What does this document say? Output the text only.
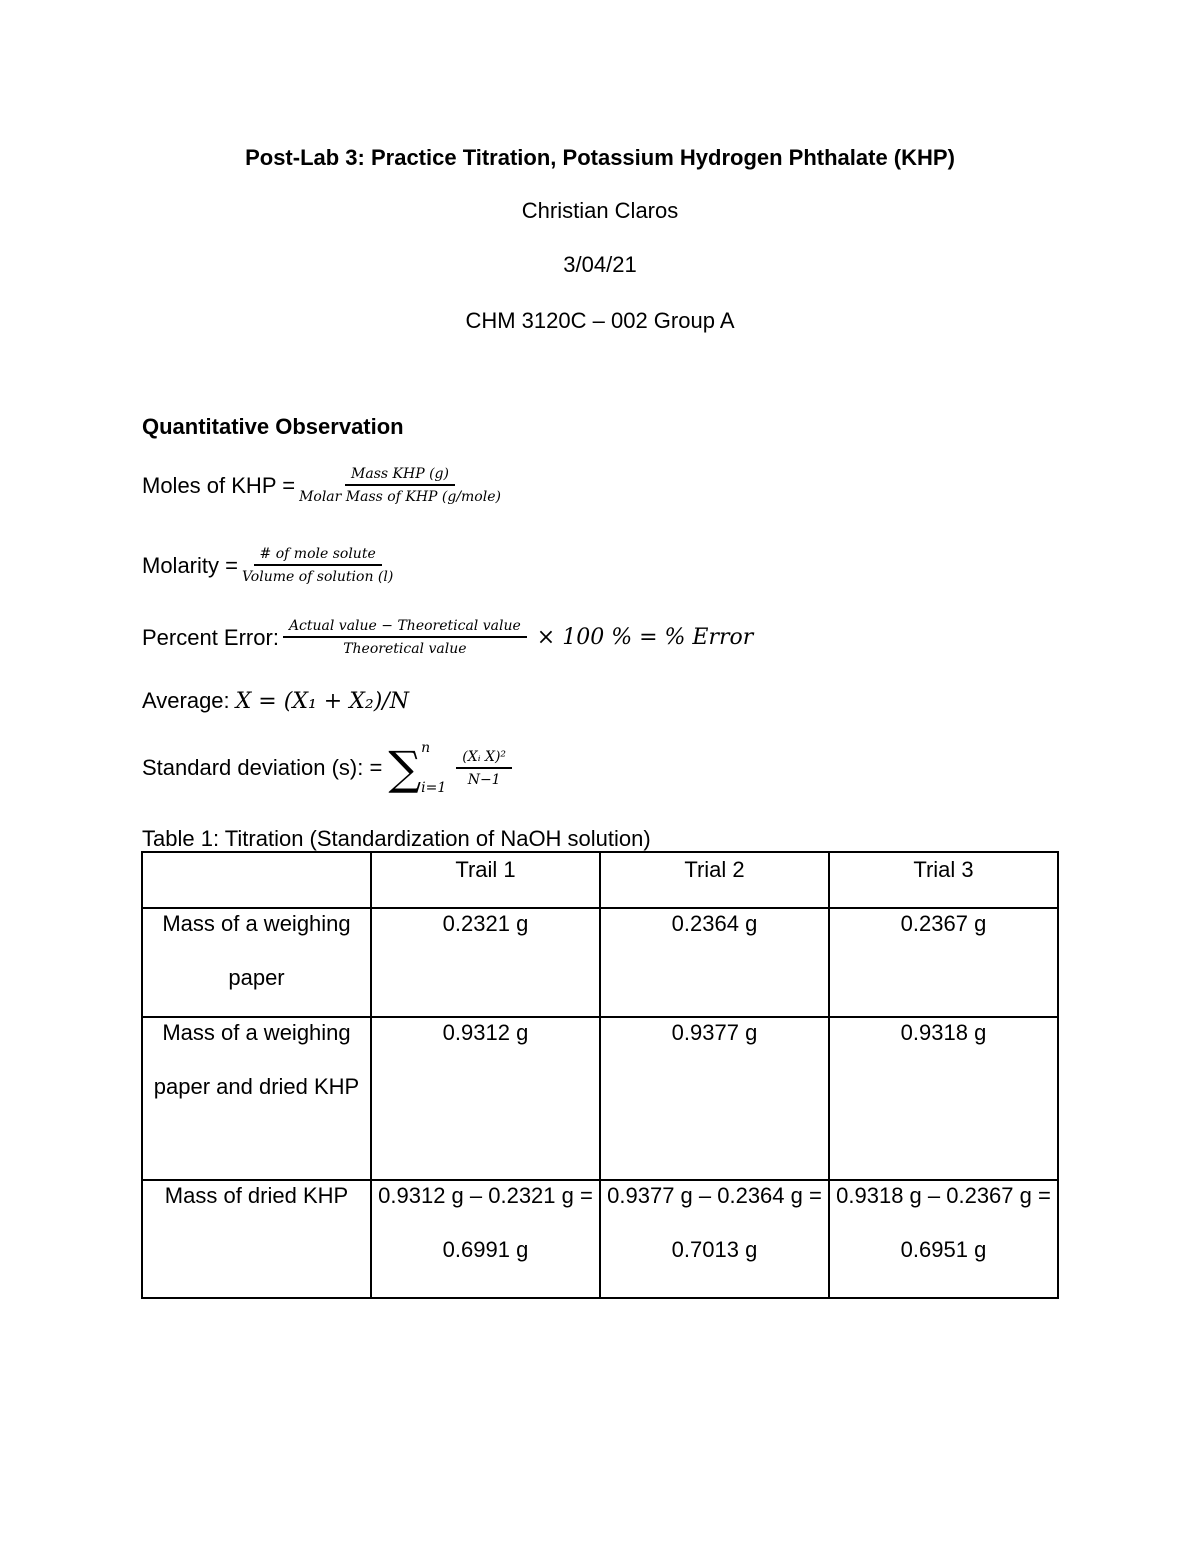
Post-Lab 3: Practice Titration, Potassium Hydrogen Phthalate (KHP)
Christian Claros
3/04/21
CHM 3120C – 002 Group A
Quantitative Observation
Moles of KHP = $\frac{\text{Mass KHP (g)}}{\text{Molar Mass of KHP (g/mole)}}$
Molarity = $\frac{\text{\# of mole solute}}{\text{Volume of solution (l)}}$
Percent Error: $\frac{\text{Actual value − Theoretical value}}{\text{Theoretical value}} \times 100$ % = % Error
Average: X = (X₁ + X₂)/N
Standard deviation (s): = ∑ n
i=1
$\frac{\text{(Xᵢ X)²}}{N-1}$
Table 1: Titration (Standardization of NaOH solution)

	Trail 1	Trial 2	Trial 3

Mass of a weighing paper	0.2321 g	0.2364 g	0.2367 g

Mass of a weighing paper and dried KHP	0.9312 g	0.9377 g	0.9318 g

Mass of dried KHP	0.9312 g – 0.2321 g = 0.6991 g	0.9377 g – 0.2364 g = 0.7013 g	0.9318 g – 0.2367 g = 0.6951 g
